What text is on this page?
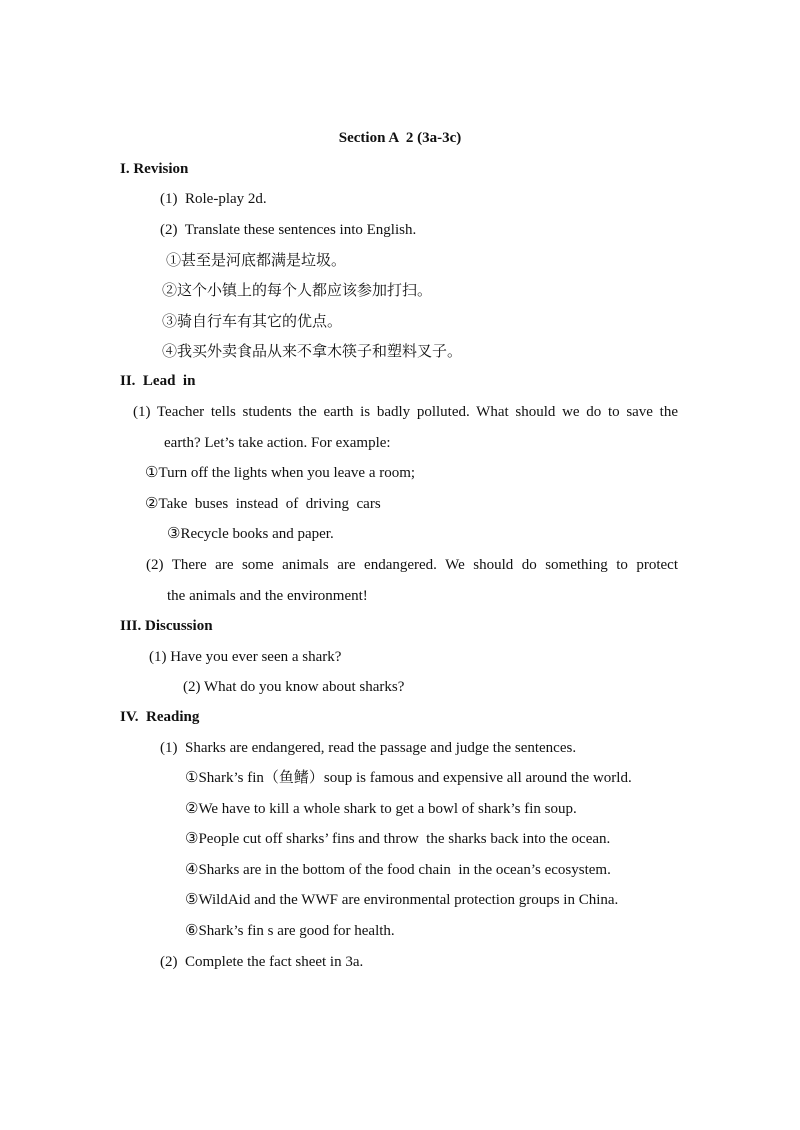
Section A  2 (3a-3c)
I. Revision
(1)  Role-play 2d.
(2)  Translate these sentences into English.
①甚至是河底都满是垃圾。
②这个小镇上的每个人都应该参加打扫。
③骑自行车有其它的优点。
④我买外卖食品从来不拿木筷子和塑料叉子。
II.  Lead  in
(1) Teacher tells students the earth is badly polluted. What should we do to save the
earth? Let’s take action. For example:
①Turn off the lights when you leave a room;
②Take  buses  instead  of  driving  cars
③Recycle books and paper.
(2) There are some animals are endangered. We should do something to protect
the animals and the environment!
III. Discussion
(1) Have you ever seen a shark?
(2) What do you know about sharks?
IV.  Reading
(1)  Sharks are endangered, read the passage and judge the sentences.
①Shark’s fin（鱼鳍）soup is famous and expensive all around the world.
②We have to kill a whole shark to get a bowl of shark’s fin soup.
③People cut off sharks’ fins and throw  the sharks back into the ocean.
④Sharks are in the bottom of the food chain  in the ocean’s ecosystem.
⑤WildAid and the WWF are environmental protection groups in China.
⑥Shark’s fin s are good for health.
(2)  Complete the fact sheet in 3a.
